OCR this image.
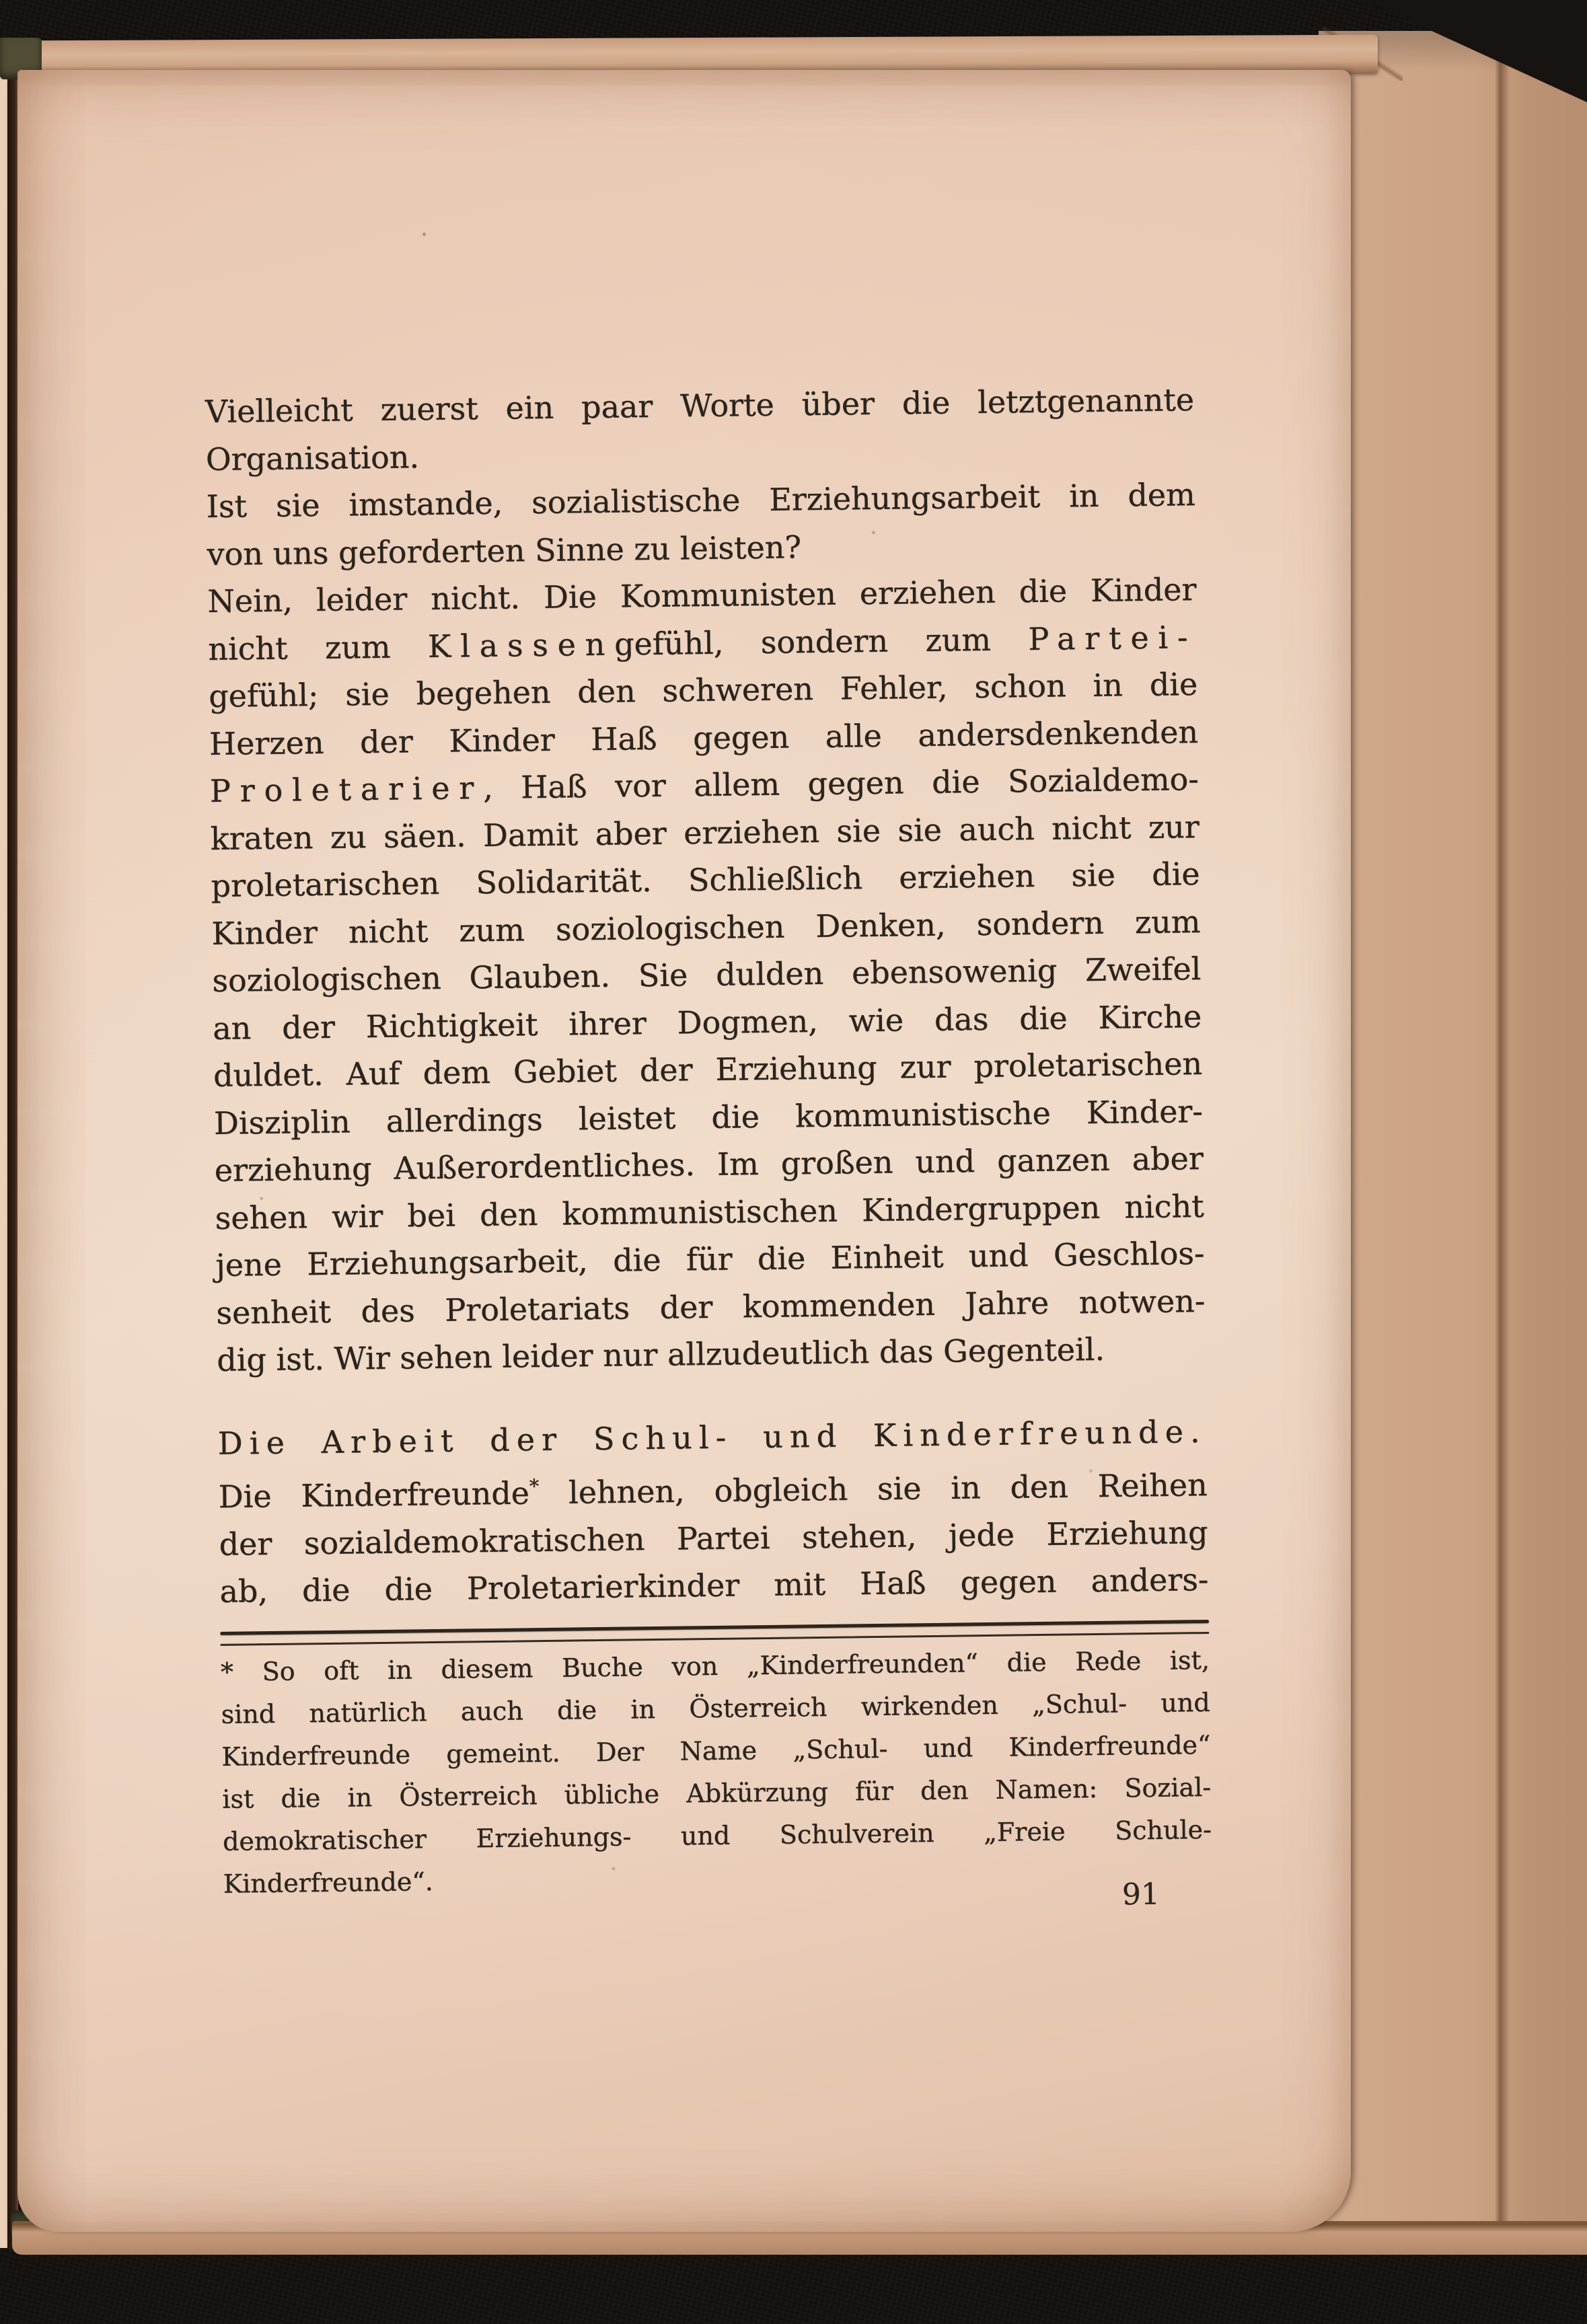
Vielleicht zuerst ein paar Worte über die letztgenannte
Organisation.
Ist sie imstande, sozialistische Erziehungsarbeit in dem
von uns geforderten Sinne zu leisten?
Nein, leider nicht. Die Kommunisten erziehen die Kinder
nicht zum Klassengefühl, sondern zum Partei-
gefühl; sie begehen den schweren Fehler, schon in die
Herzen der Kinder Haß gegen alle andersdenkenden
Proletarier, Haß vor allem gegen die Sozialdemo-
kraten zu säen. Damit aber erziehen sie sie auch nicht zur
proletarischen Solidarität. Schließlich erziehen sie die
Kinder nicht zum soziologischen Denken, sondern zum
soziologischen Glauben. Sie dulden ebensowenig Zweifel
an der Richtigkeit ihrer Dogmen, wie das die Kirche
duldet. Auf dem Gebiet der Erziehung zur proletarischen
Disziplin allerdings leistet die kommunistische Kinder-
erziehung Außerordentliches. Im großen und ganzen aber
sehen wir bei den kommunistischen Kindergruppen nicht
jene Erziehungsarbeit, die für die Einheit und Geschlos-
senheit des Proletariats der kommenden Jahre notwen-
dig ist. Wir sehen leider nur allzudeutlich das Gegenteil.
Die Arbeit der Schul- und Kinderfreunde.
Die Kinderfreunde* lehnen, obgleich sie in den Reihen
der sozialdemokratischen Partei stehen, jede Erziehung
ab, die die Proletarierkinder mit Haß gegen anders-
* So oft in diesem Buche von „Kinderfreunden“ die Rede ist,
sind natürlich auch die in Österreich wirkenden „Schul- und
Kinderfreunde gemeint. Der Name „Schul- und Kinderfreunde“
ist die in Österreich übliche Abkürzung für den Namen: Sozial-
demokratischer Erziehungs- und Schulverein „Freie Schule-
Kinderfreunde“.	91
